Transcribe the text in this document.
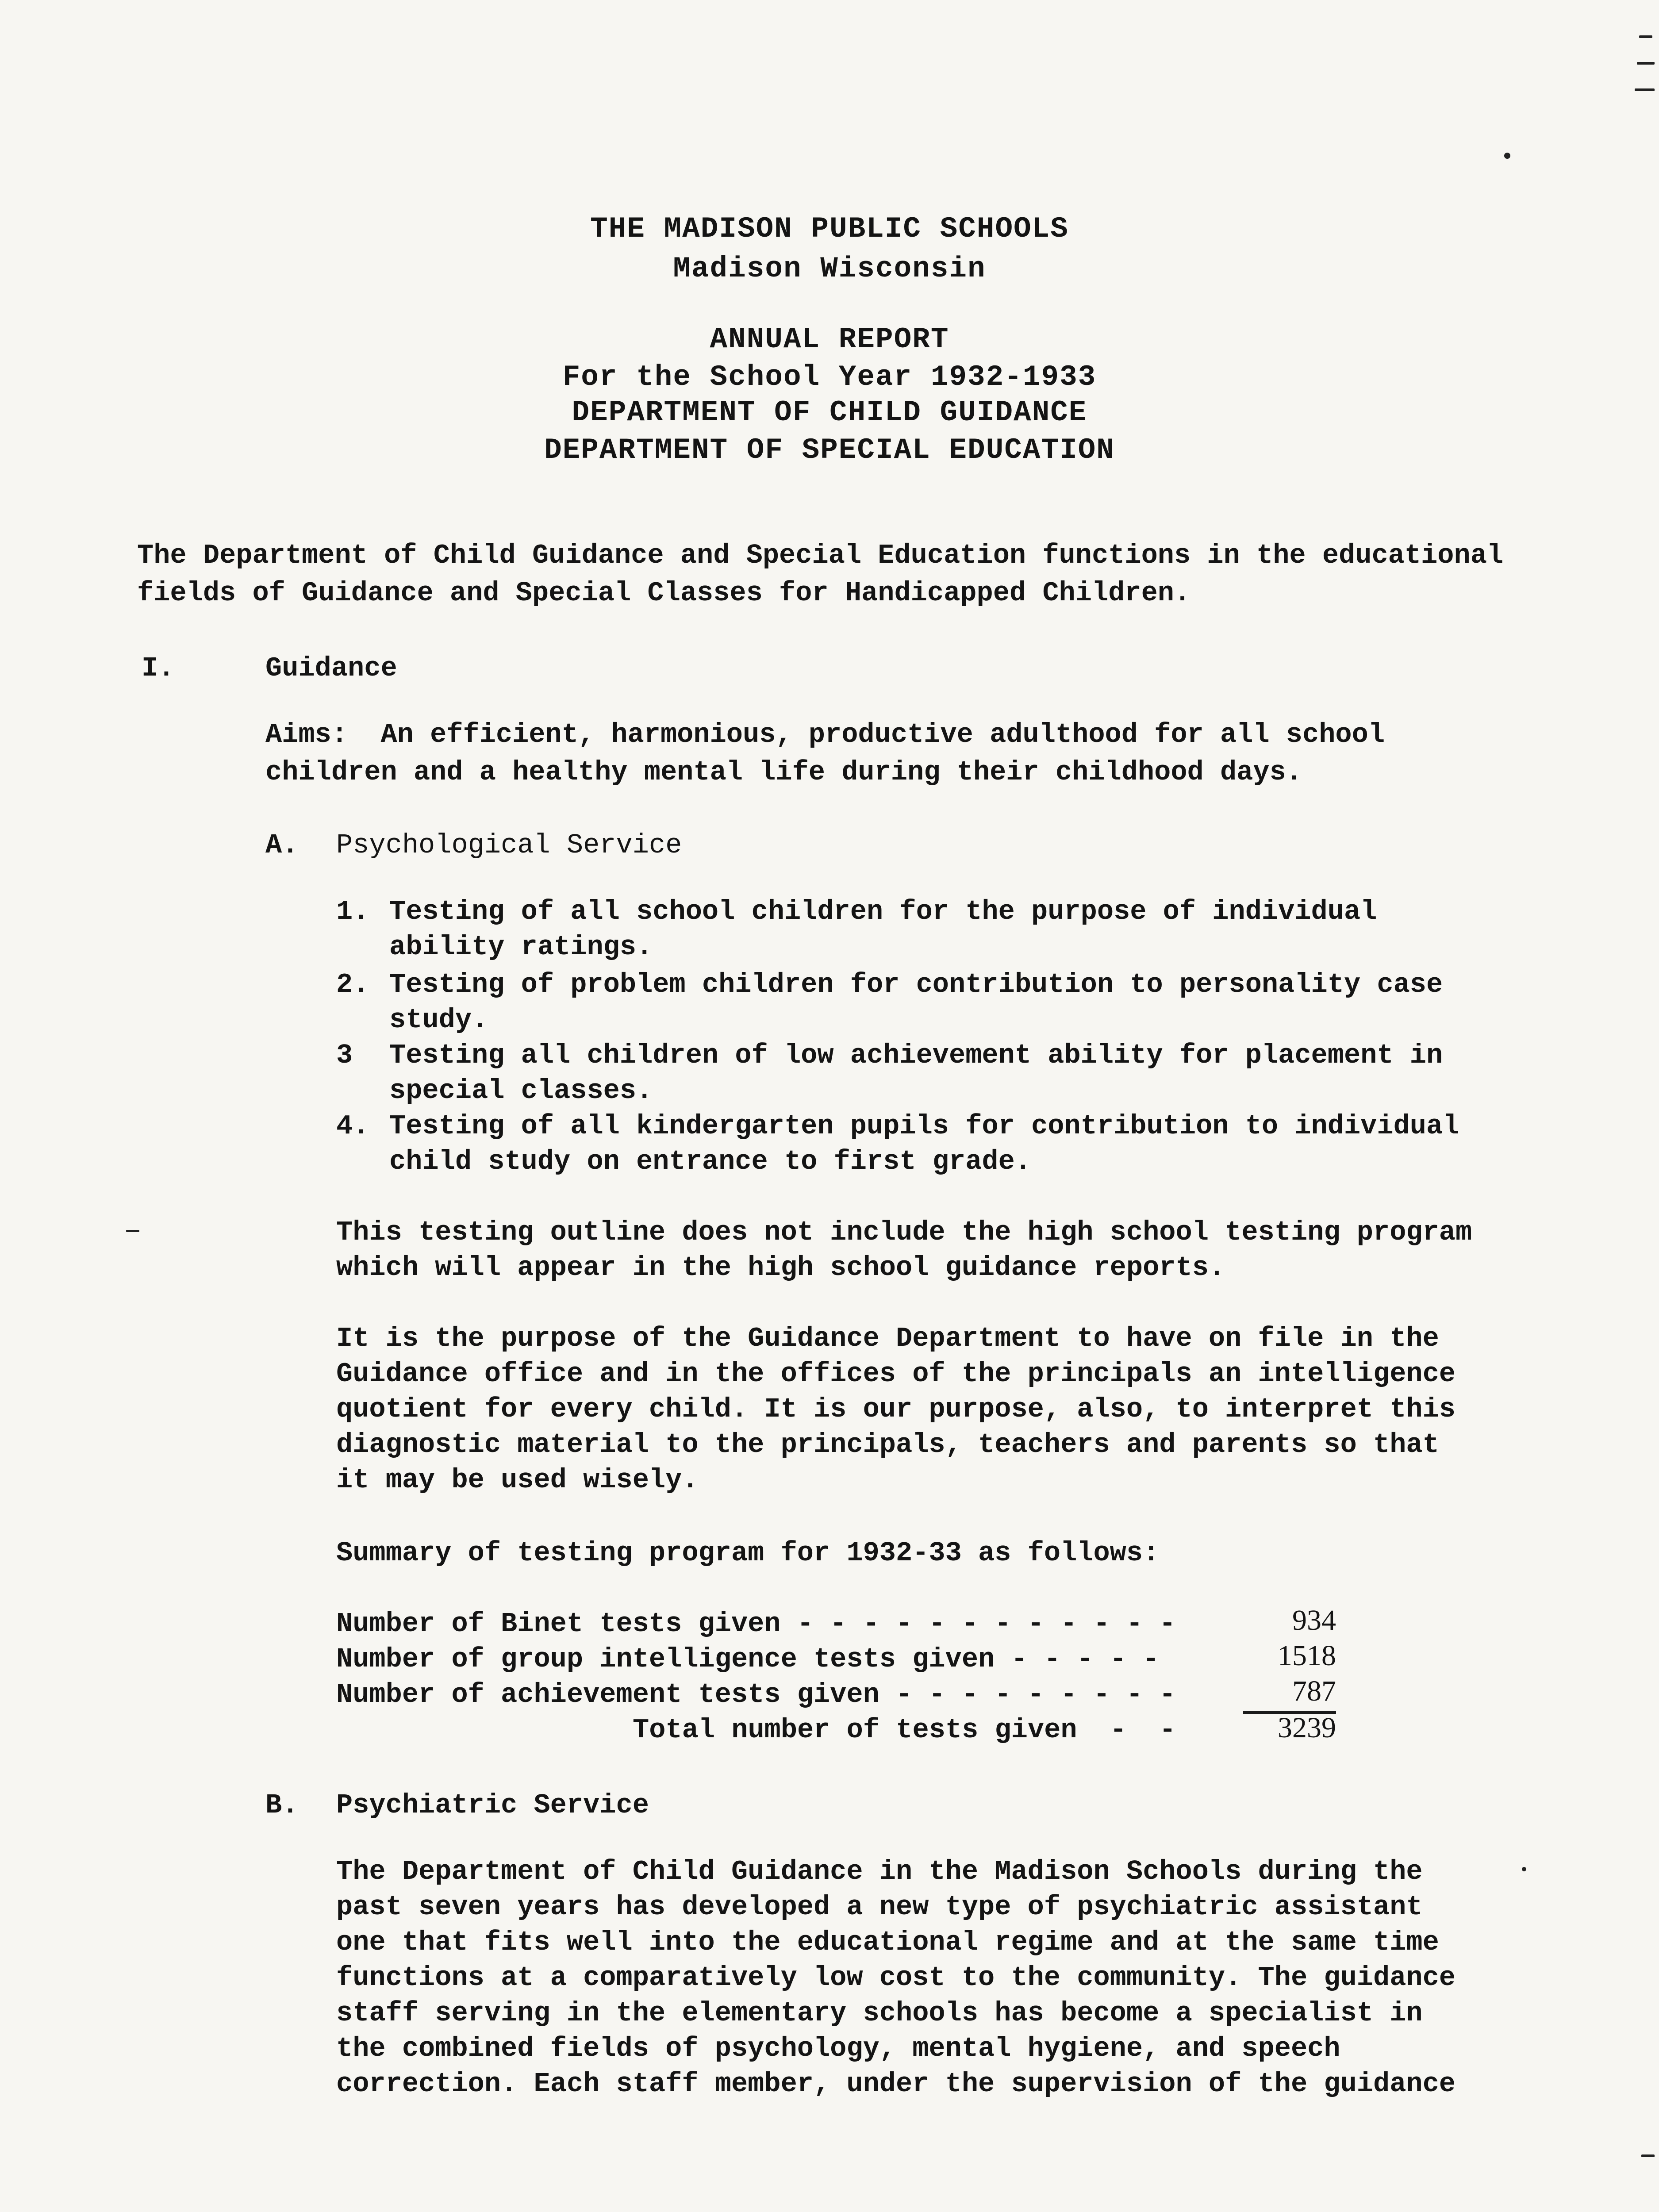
THE MADISON PUBLIC SCHOOLS
Madison Wisconsin
ANNUAL REPORT
For the School Year 1932-1933
DEPARTMENT OF CHILD GUIDANCE
DEPARTMENT OF SPECIAL EDUCATION
The Department of Child Guidance and Special Education functions in the educational
fields of Guidance and Special Classes for Handicapped Children.
I.	Guidance
Aims: An efficient, harmonious, productive adulthood for all school
children and a healthy mental life during their childhood days.
A. Psychological Service
1. Testing of all school children for the purpose of individual
ability ratings.
2. Testing of problem children for contribution to personality case
study.
3 Testing all children of low achievement ability for placement in
special classes.
4. Testing of all kindergarten pupils for contribution to individual
child study on entrance to first grade.
This testing outline does not include the high school testing program
which will appear in the high school guidance reports.
It is the purpose of the Guidance Department to have on file in the
Guidance office and in the offices of the principals an intelligence
quotient for every child. It is our purpose, also, to interpret this
diagnostic material to the principals, teachers and parents so that
it may be used wisely.
Summary of testing program for 1932-33 as follows:
Number of Binet tests given - - - - - - - - - - - -	934
Number of group intelligence tests given - - - - -	1518
Number of achievement tests given - - - - - - - - -	787
Total number of tests given  -  -	3239
B. Psychiatric Service
The Department of Child Guidance in the Madison Schools during the
past seven years has developed a new type of psychiatric assistant
one that fits well into the educational regime and at the same time
functions at a comparatively low cost to the community. The guidance
staff serving in the elementary schools has become a specialist in
the combined fields of psychology, mental hygiene, and speech
correction. Each staff member, under the supervision of the guidance
